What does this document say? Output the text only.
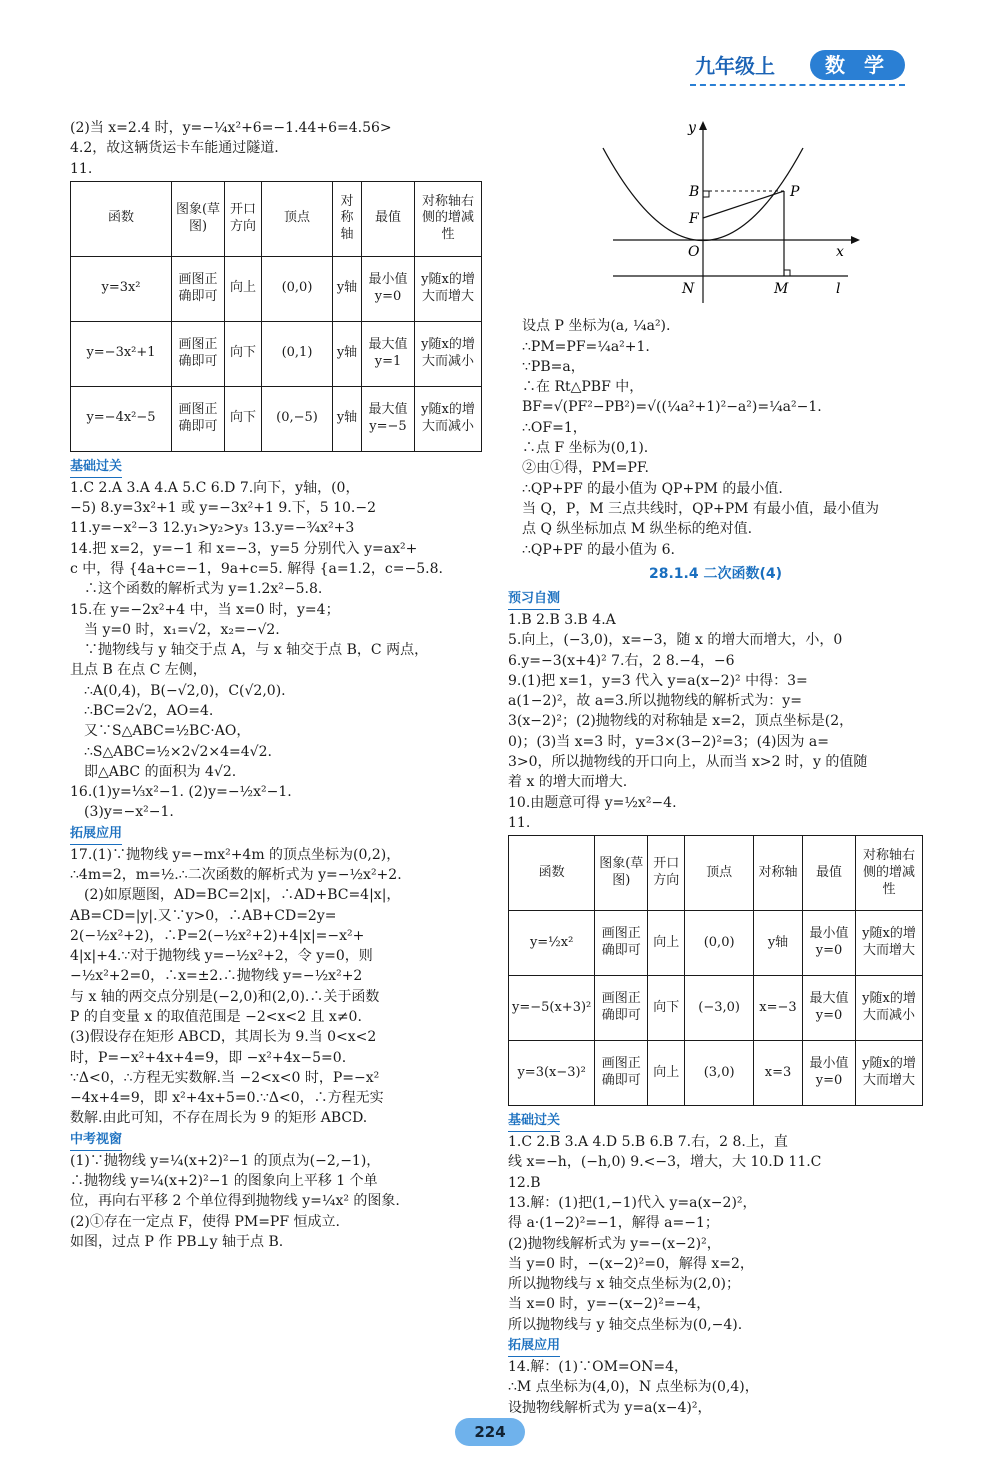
九年级上	数 学

(2)当 x=2.4 时，y=−¼x²+6=−1.44+6=4.56>

4.2，故这辆货运卡车能通过隧道.

11.

函数	图象(草图)	开口方向	顶点	对称轴	最值	对称轴右侧的增减性
y=3x²	画图正确即可	向上	(0,0)	y轴	最小值y=0	y随x的增大而增大
y=−3x²+1	画图正确即可	向下	(0,1)	y轴	最大值y=1	y随x的增大而减小
y=−4x²−5	画图正确即可	向下	(0,−5)	y轴	最大值y=−5	y随x的增大而减小
基础过关

1.C 2.A 3.A 4.A 5.C 6.D 7.向下，y轴，(0，

−5) 8.y=3x²+1 或 y=−3x²+1 9.下，5 10.−2

11.y=−x²−3 12.y₁>y₂>y₃ 13.y=−¾x²+3

14.把 x=2，y=−1 和 x=−3，y=5 分别代入 y=ax²+

c 中，得 {4a+c=−1，9a+c=5. 解得 {a=1.2，c=−5.8.

∴这个函数的解析式为 y=1.2x²−5.8.

15.在 y=−2x²+4 中，当 x=0 时，y=4；

当 y=0 时，x₁=√2，x₂=−√2.

∵抛物线与 y 轴交于点 A，与 x 轴交于点 B，C 两点，

且点 B 在点 C 左侧，

∴A(0,4)，B(−√2,0)，C(√2,0).

∴BC=2√2，AO=4.

又∵S△ABC=½BC·AO，

∴S△ABC=½×2√2×4=4√2.

即△ABC 的面积为 4√2.

16.(1)y=⅓x²−1. (2)y=−½x²−1.

(3)y=−x²−1.

拓展应用

17.(1)∵抛物线 y=−mx²+4m 的顶点坐标为(0,2)，

∴4m=2，m=½.∴二次函数的解析式为 y=−½x²+2.

(2)如原题图，AD=BC=2|x|，∴AD+BC=4|x|，

AB=CD=|y|.又∵y>0，∴AB+CD=2y=

2(−½x²+2)，∴P=2(−½x²+2)+4|x|=−x²+

4|x|+4.∵对于抛物线 y=−½x²+2，令 y=0，则

−½x²+2=0，∴x=±2.∴抛物线 y=−½x²+2

与 x 轴的两交点分别是(−2,0)和(2,0).∴关于函数

P 的自变量 x 的取值范围是 −2<x<2 且 x≠0.

(3)假设存在矩形 ABCD，其周长为 9.当 0<x<2

时，P=−x²+4x+4=9，即 −x²+4x−5=0.

∵Δ<0，∴方程无实数解.当 −2<x<0 时，P=−x²

−4x+4=9，即 x²+4x+5=0.∵Δ<0，∴方程无实

数解.由此可知，不存在周长为 9 的矩形 ABCD.

中考视窗

(1)∵抛物线 y=¼(x+2)²−1 的顶点为(−2,−1)，

∴抛物线 y=¼(x+2)²−1 的图象向上平移 1 个单

位，再向右平移 2 个单位得到抛物线 y=¼x² 的图象.

(2)①存在一定点 F，使得 PM=PF 恒成立.

如图，过点 P 作 PB⊥y 轴于点 B.

y
x
O
B	P
F
N	M	l

设点 P 坐标为(a, ¼a²).

∴PM=PF=¼a²+1.

∵PB=a，

∴在 Rt△PBF 中，

BF=√(PF²−PB²)=√((¼a²+1)²−a²)=¼a²−1.

∴OF=1，

∴点 F 坐标为(0,1).

②由①得，PM=PF.

∴QP+PF 的最小值为 QP+PM 的最小值.

当 Q，P，M 三点共线时，QP+PM 有最小值，最小值为

点 Q 纵坐标加点 M 纵坐标的绝对值.

∴QP+PF 的最小值为 6.

28.1.4 二次函数(4)

预习自测

1.B 2.B 3.B 4.A

5.向上，(−3,0)，x=−3，随 x 的增大而增大，小，0

6.y=−3(x+4)² 7.右，2 8.−4，−6

9.(1)把 x=1，y=3 代入 y=a(x−2)² 中得：3=

a(1−2)²，故 a=3.所以抛物线的解析式为：y=

3(x−2)²；(2)抛物线的对称轴是 x=2，顶点坐标是(2，

0)；(3)当 x=3 时，y=3×(3−2)²=3；(4)因为 a=

3>0，所以抛物线的开口向上，从而当 x>2 时，y 的值随

着 x 的增大而增大.

10.由题意可得 y=½x²−4.

11.

函数	图象(草图)	开口方向	顶点	对称轴	最值	对称轴右侧的增减性
y=½x²	画图正确即可	向上	(0,0)	y轴	最小值y=0	y随x的增大而增大
y=−5(x+3)²	画图正确即可	向下	(−3,0)	x=−3	最大值y=0	y随x的增大而减小
y=3(x−3)²	画图正确即可	向上	(3,0)	x=3	最小值y=0	y随x的增大而增大
基础过关

1.C 2.B 3.A 4.D 5.B 6.B 7.右，2 8.上，直

线 x=−h，(−h,0) 9.<−3，增大，大 10.D 11.C

12.B

13.解：(1)把(1,−1)代入 y=a(x−2)²，

得 a·(1−2)²=−1，解得 a=−1；

(2)抛物线解析式为 y=−(x−2)²，

当 y=0 时，−(x−2)²=0，解得 x=2，

所以抛物线与 x 轴交点坐标为(2,0)；

当 x=0 时，y=−(x−2)²=−4，

所以抛物线与 y 轴交点坐标为(0,−4).

拓展应用

14.解：(1)∵OM=ON=4，

∴M 点坐标为(4,0)，N 点坐标为(0,4)，

设抛物线解析式为 y=a(x−4)²，

224
